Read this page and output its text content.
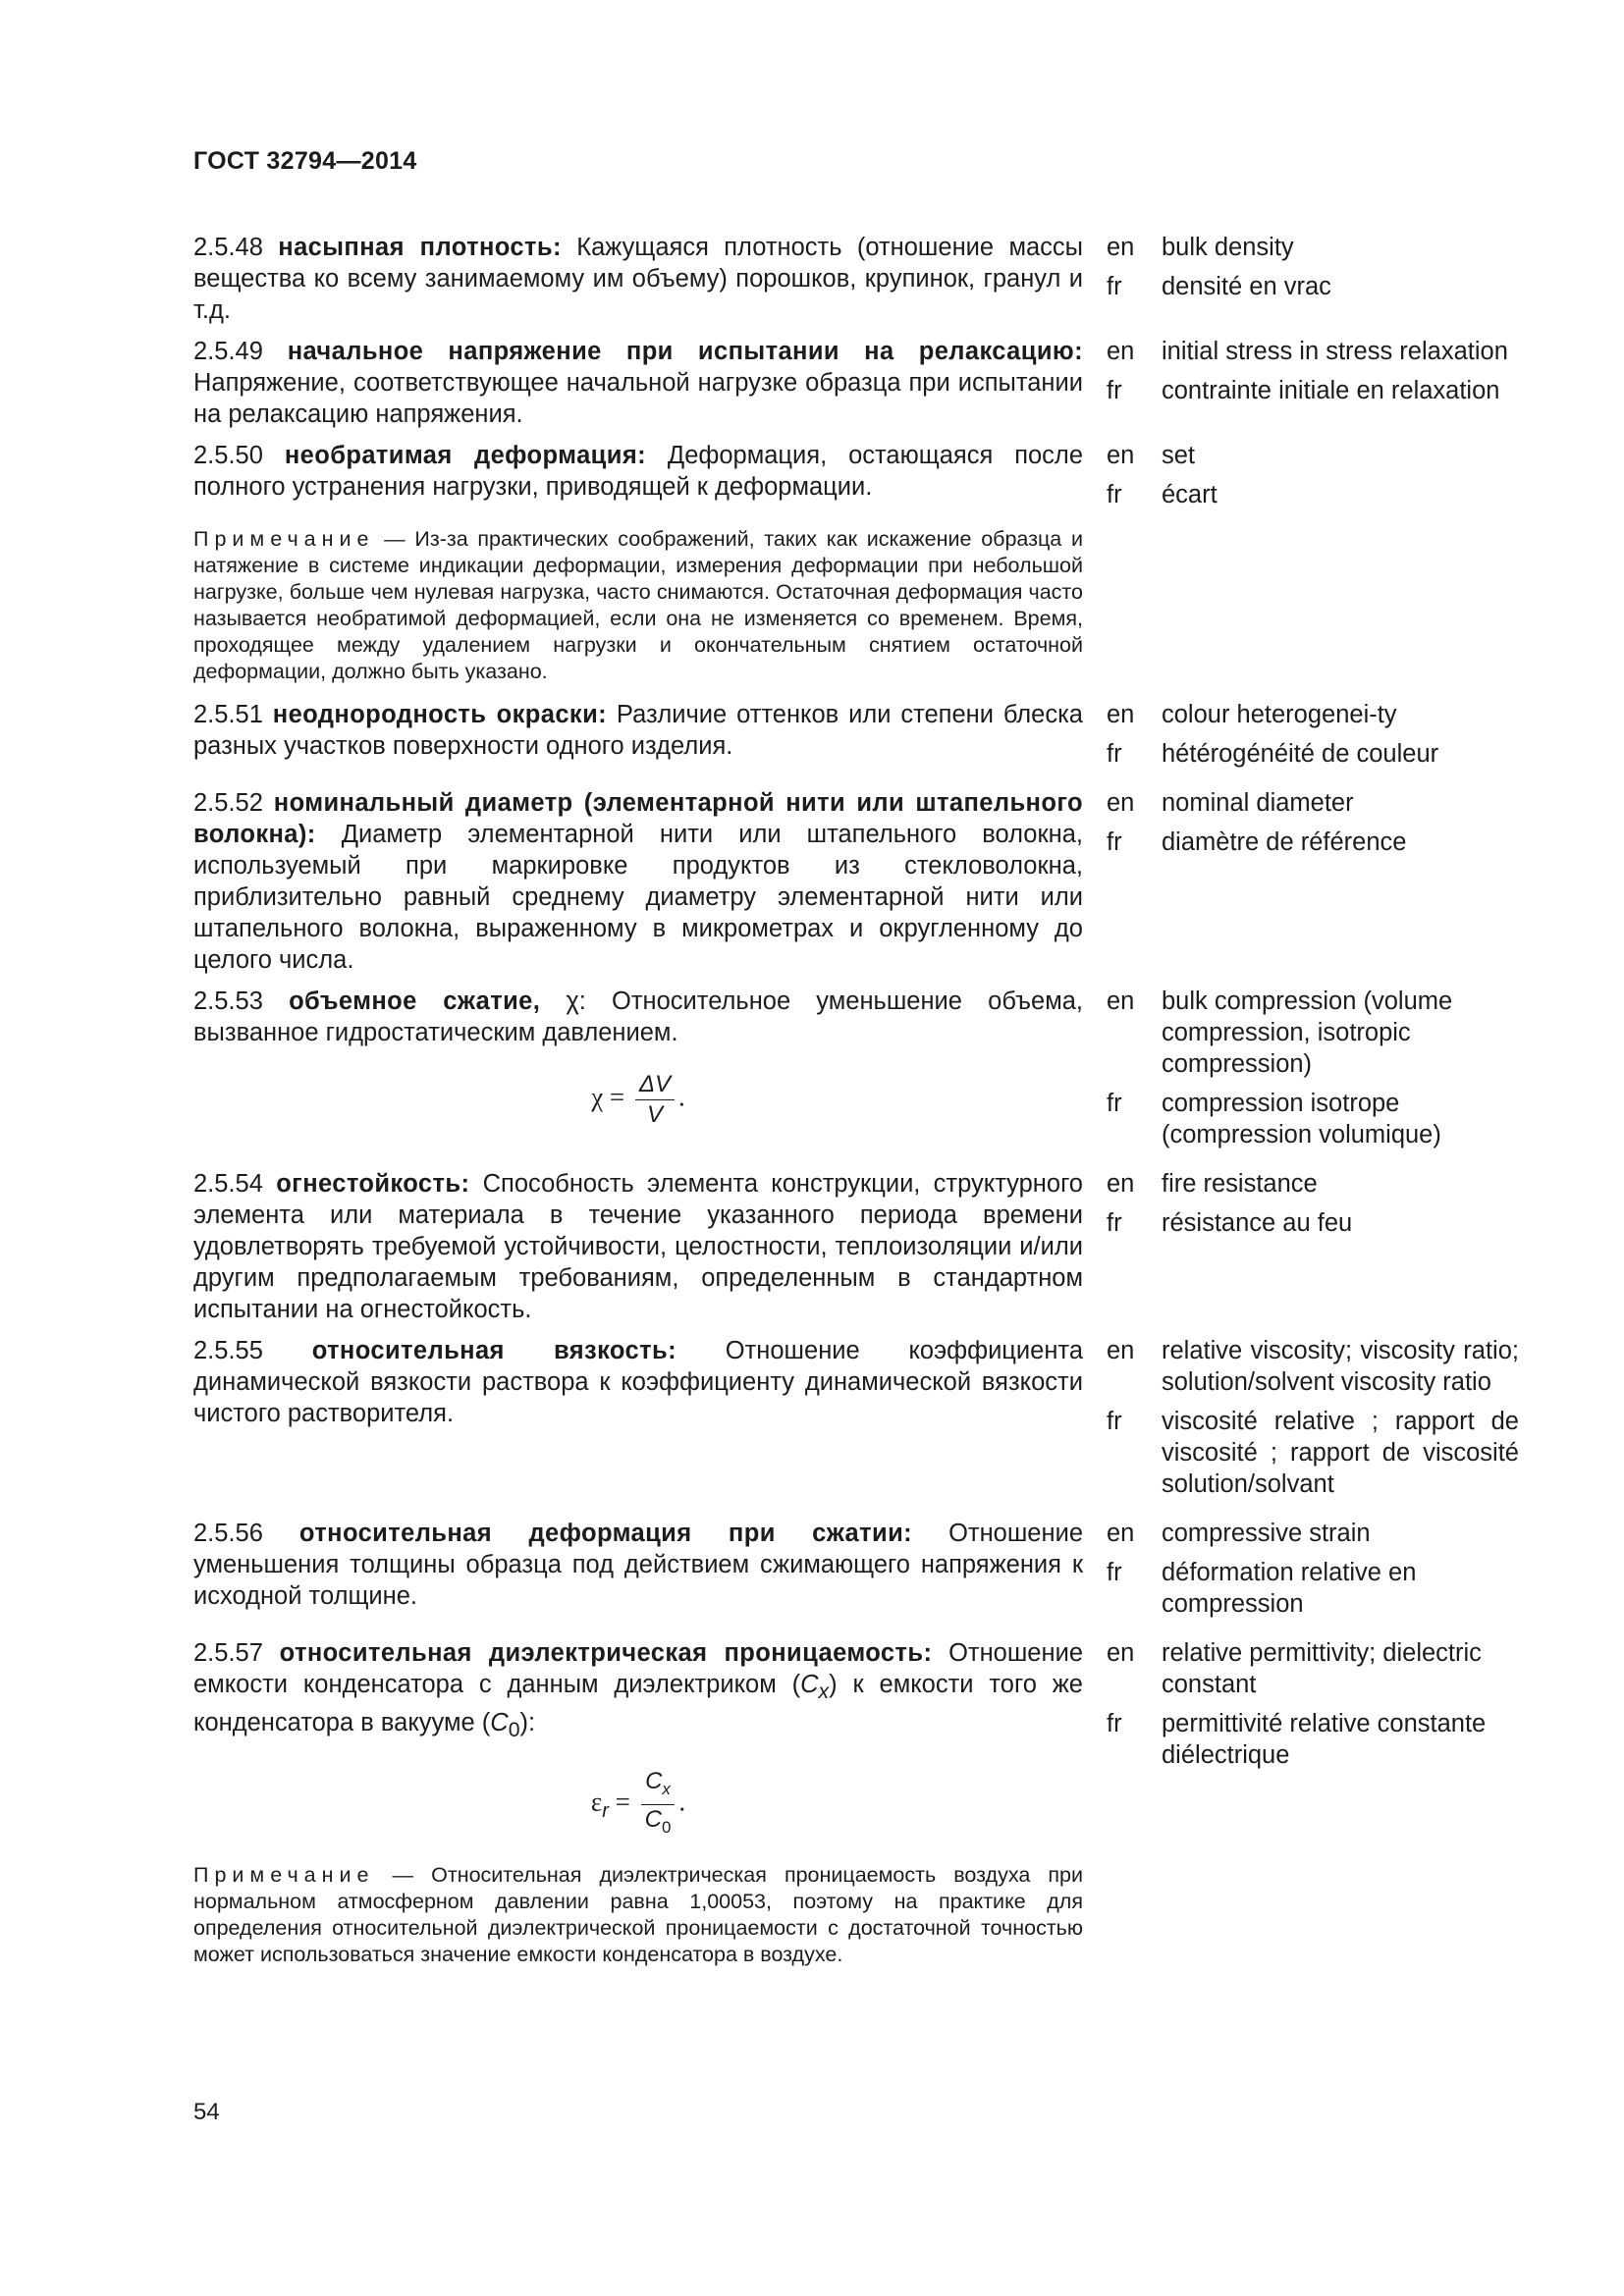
ГОСТ 32794—2014
2.5.48 насыпная плотность: Кажущаяся плотность (отношение массы вещества ко всему занимаемому им объему) порошков, крупинок, гранул и т.д.
en	bulk density
fr	densité en vrac
2.5.49 начальное напряжение при испытании на релаксацию: Напряжение, соответствующее начальной нагрузке образца при испытании на релаксацию напряжения.
en	initial stress in stress relaxation
fr	contrainte initiale en relaxation
2.5.50 необратимая деформация: Деформация, остающаяся после полного устранения нагрузки, приводящей к деформации.
en	set
fr	écart
Примечание — Из-за практических соображений, таких как искажение образца и натяжение в системе индикации деформации, измерения деформации при небольшой нагрузке, больше чем нулевая нагрузка, часто снимаются. Остаточная деформация часто называется необратимой деформацией, если она не изменяется со временем. Время, проходящее между удалением нагрузки и окончательным снятием остаточной деформации, должно быть указано.
2.5.51 неоднородность окраски: Различие оттенков или степени блеска разных участков поверхности одного изделия.
en	colour heterogenei-ty
fr	hétérogénéité de couleur
2.5.52 номинальный диаметр (элементарной нити или штапельного волокна): Диаметр элементарной нити или штапельного волокна, используемый при маркировке продуктов из стекловолокна, приблизительно равный среднему диаметру элементарной нити или штапельного волокна, выраженному в микрометрах и округленному до целого числа.
en	nominal diameter
fr	diamètre de référence
2.5.53 объемное сжатие, χ: Относительное уменьшение объема, вызванное гидростатическим давлением.
$\chi = \frac{\Delta V}{V}$ .
en	bulk compression (volume compression, isotropic compression)
fr	compression isotrope (compression volumique)
2.5.54 огнестойкость: Способность элемента конструкции, структурного элемента или материала в течение указанного периода времени удовлетворять требуемой устойчивости, целостности, теплоизоляции и/или другим предполагаемым требованиям, определенным в стандартном испытании на огнестойкость.
en	fire resistance
fr	résistance au feu
2.5.55 относительная вязкость: Отношение коэффициента динамической вязкости раствора к коэффициенту динамической вязкости чистого растворителя.
en	relative viscosity; viscosity ratio; solution/solvent viscosity ratio
fr	viscosité relative ; rapport de viscosité ; rapport de viscosité solution/solvant
2.5.56 относительная деформация при сжатии: Отношение уменьшения толщины образца под действием сжимающего напряжения к исходной толщине.
en	compressive strain
fr	déformation relative en compression
2.5.57 относительная диэлектрическая проницаемость: Отношение емкости конденсатора с данным диэлектриком $(C_x)$ к емкости того же конденсатора в вакууме $(C_0)$:
$\varepsilon_r = \frac{C_x}{C_0}$ .
en	relative permittivity; dielectric constant
fr	permittivité relative constante diélectrique
Примечание — Относительная диэлектрическая проницаемость воздуха при нормальном атмосферном давлении равна 1,00053, поэтому на практике для определения относительной диэлектрической проницаемости с достаточной точностью может использоваться значение емкости конденсатора в воздухе.
54
